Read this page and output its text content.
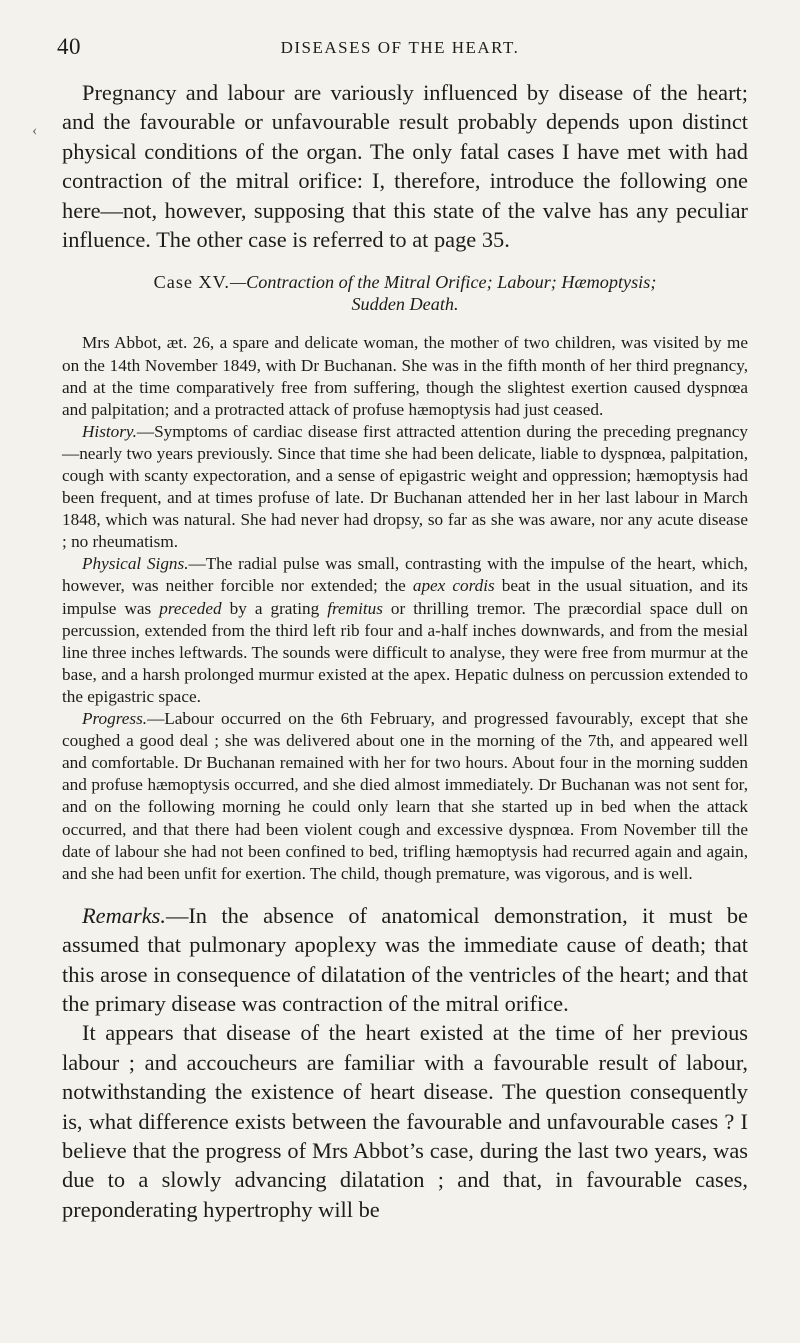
40	DISEASES OF THE HEART.
‹

Pregnancy and labour are variously influenced by disease of the heart; and the favourable or unfavourable result probably depends upon distinct physical conditions of the organ. The only fatal cases I have met with had contraction of the mitral orifice: I, therefore, introduce the following one here—not, however, supposing that this state of the valve has any peculiar influence. The other case is referred to at page 35.

Case XV.—Contraction of the Mitral Orifice; Labour; Hæmoptysis;
Sudden Death.

Mrs Abbot, æt. 26, a spare and delicate woman, the mother of two children, was visited by me on the 14th November 1849, with Dr Buchanan. She was in the fifth month of her third pregnancy, and at the time comparatively free from suffering, though the slightest exertion caused dyspnœa and palpitation; and a protracted attack of profuse hæmoptysis had just ceased.

History.—Symptoms of cardiac disease first attracted attention during the preceding pregnancy—nearly two years previously. Since that time she had been delicate, liable to dyspnœa, palpitation, cough with scanty expectoration, and a sense of epigastric weight and oppression; hæmoptysis had been frequent, and at times profuse of late. Dr Buchanan attended her in her last labour in March 1848, which was natural. She had never had dropsy, so far as she was aware, nor any acute disease ; no rheumatism.

Physical Signs.—The radial pulse was small, contrasting with the impulse of the heart, which, however, was neither forcible nor extended; the apex cordis beat in the usual situation, and its impulse was preceded by a grating fremitus or thrilling tremor. The præcordial space dull on percussion, extended from the third left rib four and a-half inches downwards, and from the mesial line three inches leftwards. The sounds were difficult to analyse, they were free from murmur at the base, and a harsh prolonged murmur existed at the apex. Hepatic dulness on percussion extended to the epigastric space.

Progress.—Labour occurred on the 6th February, and progressed favourably, except that she coughed a good deal ; she was delivered about one in the morning of the 7th, and appeared well and comfortable. Dr Buchanan remained with her for two hours. About four in the morning sudden and profuse hæmoptysis occurred, and she died almost immediately. Dr Buchanan was not sent for, and on the following morning he could only learn that she started up in bed when the attack occurred, and that there had been violent cough and excessive dyspnœa. From November till the date of labour she had not been confined to bed, trifling hæmoptysis had recurred again and again, and she had been unfit for exertion. The child, though premature, was vigorous, and is well.

Remarks.—In the absence of anatomical demonstration, it must be assumed that pulmonary apoplexy was the immediate cause of death; that this arose in consequence of dilatation of the ventricles of the heart; and that the primary disease was contraction of the mitral orifice.

It appears that disease of the heart existed at the time of her previous labour ; and accoucheurs are familiar with a favourable result of labour, notwithstanding the existence of heart disease. The question consequently is, what difference exists between the favourable and unfavourable cases ? I believe that the progress of Mrs Abbot’s case, during the last two years, was due to a slowly advancing dilatation ; and that, in favourable cases, preponderating hypertrophy will be
